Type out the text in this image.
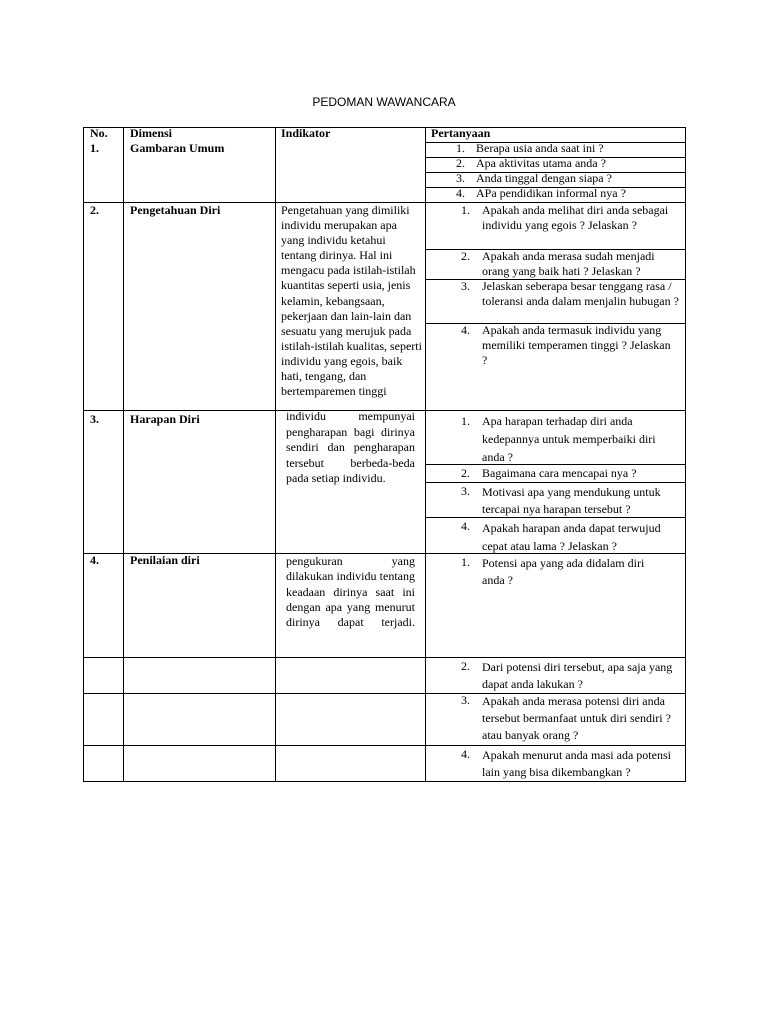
PEDOMAN WAWANCARA
No. Dimensi	Indikator	Pertanyaan
1.	Gambaran Umum	1. Berapa usia anda saat ini ?
2. Apa aktivitas utama anda ?
3. Anda tinggal dengan siapa ?
4. APa pendidikan informal nya ?
2.	Pengetahuan Diri	Pengetahuan yang dimiliki individu merupakan apa yang individu ketahui tentang dirinya. Hal ini mengacu pada istilah-istilah kuantitas seperti usia, jenis kelamin, kebangsaan, pekerjaan dan lain-lain dan sesuatu yang merujuk pada istilah-istilah kualitas, seperti individu yang egois, baik hati, tengang, dan bertemparemen tinggi
1. Apakah anda melihat diri anda sebagai individu yang egois ? Jelaskan ?
2. Apakah anda merasa sudah menjadi orang yang baik hati ? Jelaskan ?
3. Jelaskan seberapa besar tenggang rasa / toleransi anda dalam menjalin hubugan ?
4. Apakah anda termasuk individu yang memiliki temperamen tinggi ? Jelaskan ?
3.	Harapan Diri	individu mempunyai pengharapan bagi dirinya sendiri dan pengharapan tersebut berbeda-beda pada setiap individu.
1. Apa harapan terhadap diri anda kedepannya untuk memperbaiki diri anda ?
2. Bagaimana cara mencapai nya ?
3. Motivasi apa yang mendukung untuk tercapai nya harapan tersebut ?
4. Apakah harapan anda dapat terwujud cepat atau lama ? Jelaskan ?
4.	Penilaian diri	pengukuran yang dilakukan individu tentang keadaan dirinya saat ini dengan apa yang menurut dirinya dapat terjadi.
1. Potensi apa yang ada didalam diri anda ?
2. Dari potensi diri tersebut, apa saja yang dapat anda lakukan ?
3. Apakah anda merasa potensi diri anda tersebut bermanfaat untuk diri sendiri ? atau banyak orang ?
4. Apakah menurut anda masi ada potensi lain yang bisa dikembangkan ?
